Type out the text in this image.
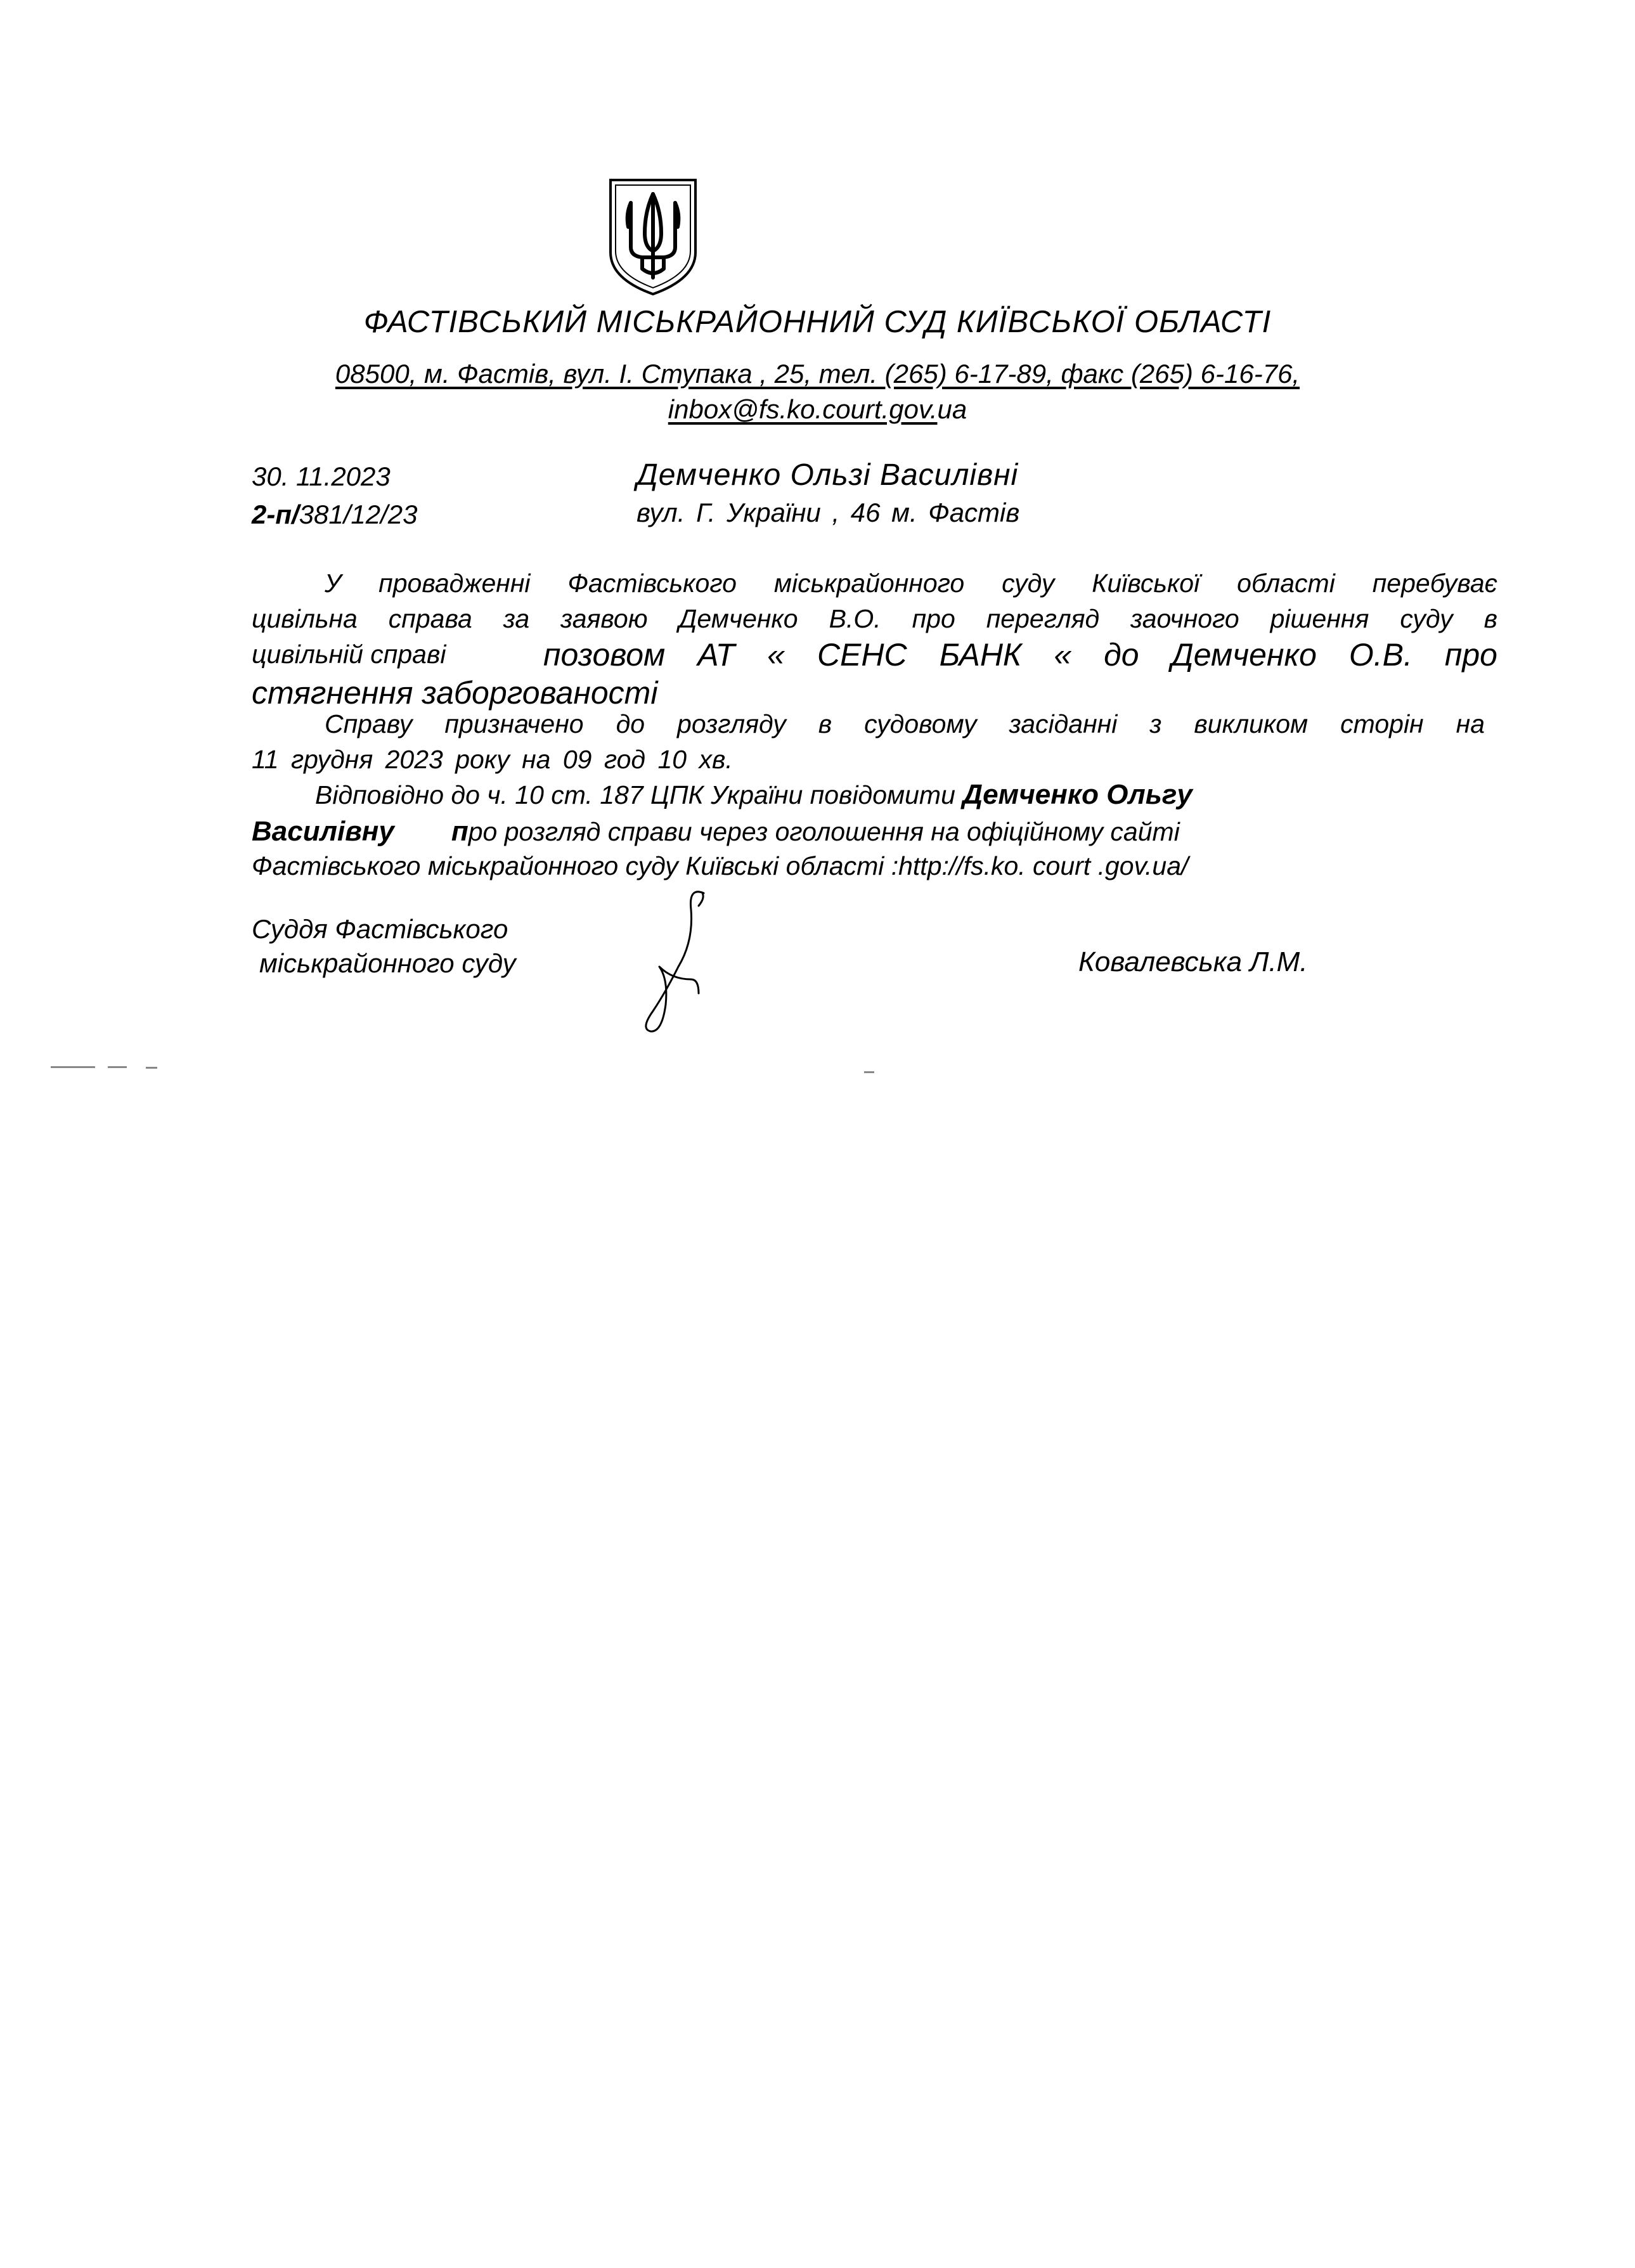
ФАСТІВСЬКИЙ МІСЬКРАЙОННИЙ СУД КИЇВСЬКОЇ ОБЛАСТІ
08500, м. Фастів, вул. І. Ступака , 25, тел. (265) 6-17-89, факс (265) 6-16-76,
inbox@fs.ko.court.gov.ua
30. 11.2023
2-п/381/12/23
Демченко Ользі Василівні
вул. Г. України , 46 м. Фастів
У провадженні Фастівського міськрайонного суду Київської області перебуває
цивільна справа за заявою Демченко В.О. про перегляд заочного рішення суду в
цивільній справі	позовом АТ « СЕНС БАНК « до Демченко О.В. про
стягнення заборгованості
Справу призначено до розгляду в судовому засіданні з викликом сторін на
11 грудня 2023 року на 09 год 10 хв.
Відповідно до ч. 10 ст. 187 ЦПК України повідомити Демченко Ольгу
Василівну про розгляд справи через оголошення на офіційному сайті
Фастівського міськрайонного суду Київські області :http://fs.ko. court .gov.ua/
Суддя Фастівського
міськрайонного суду	Ковалевська Л.М.
